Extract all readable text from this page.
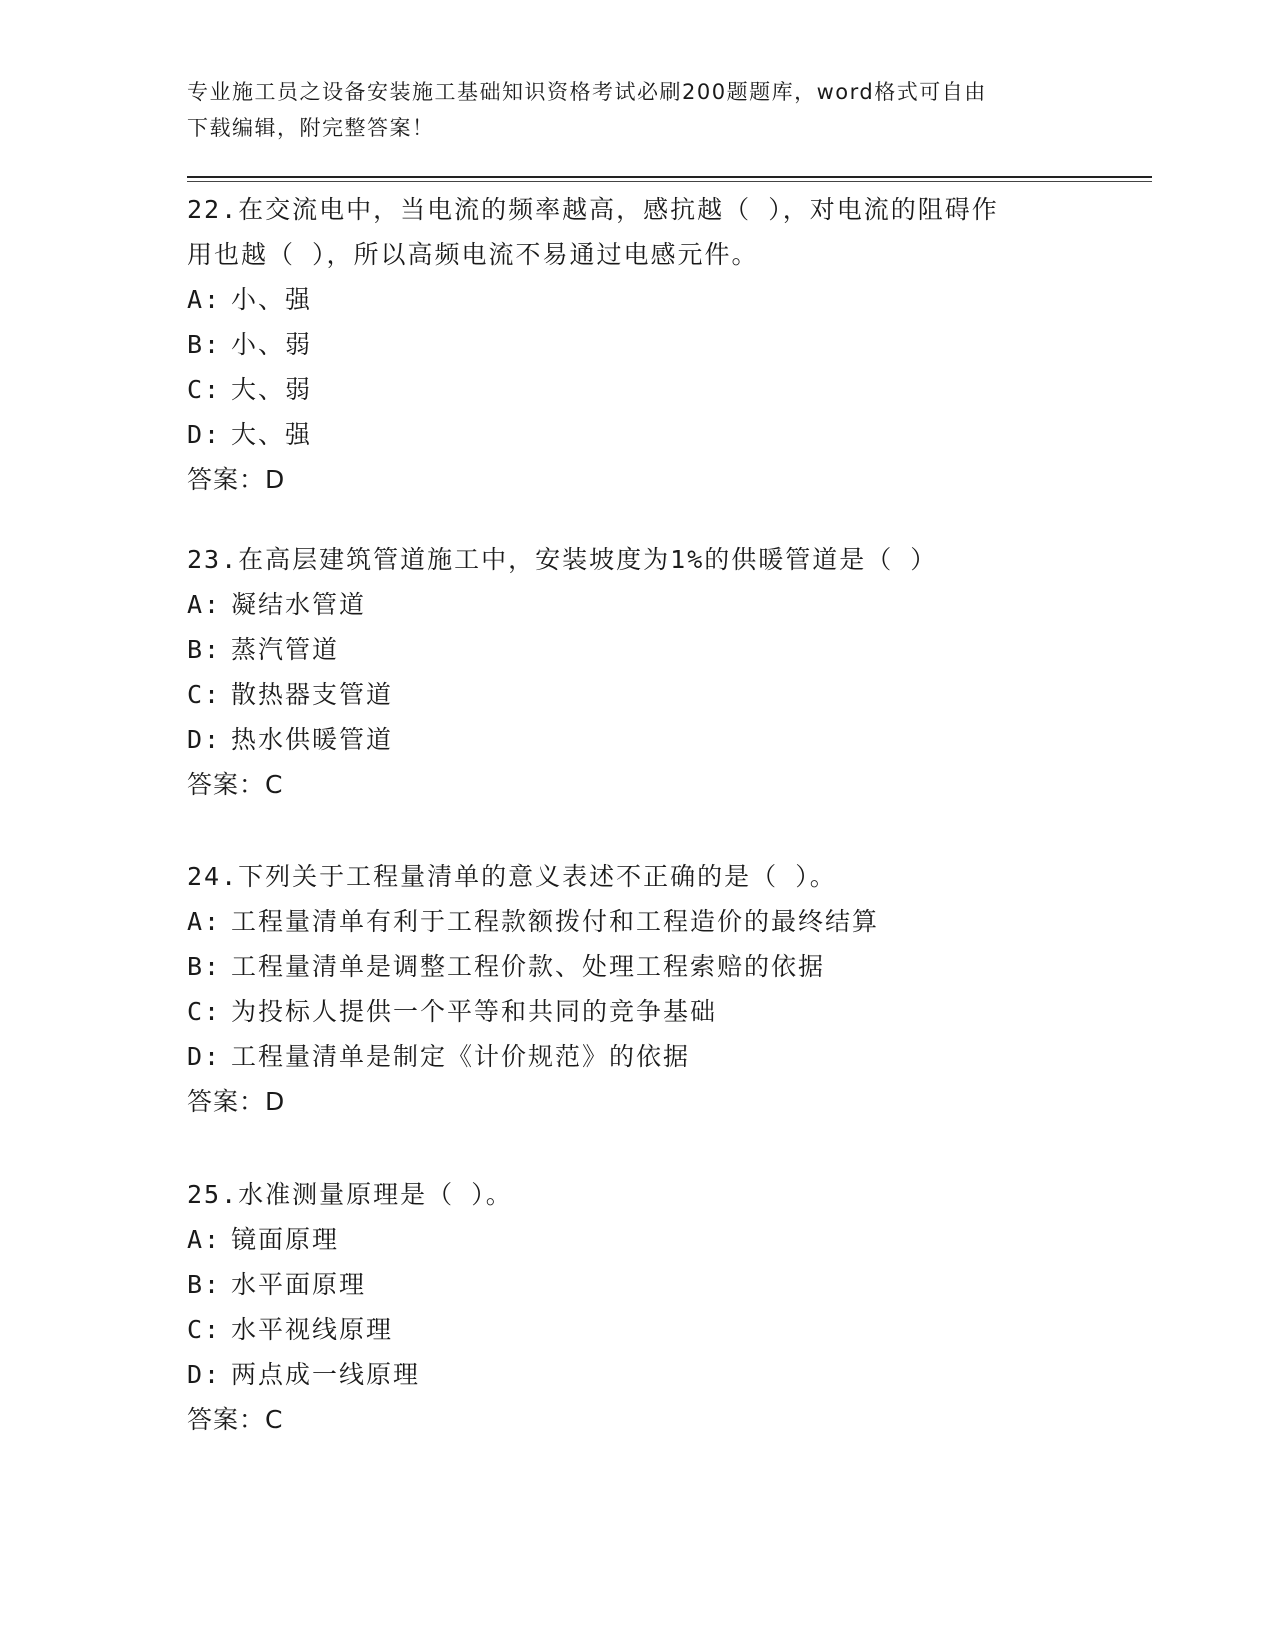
专业施工员之设备安装施工基础知识资格考试必刷200题题库，word格式可自由
下载编辑，附完整答案！

22.在交流电中，当电流的频率越高，感抗越（ ），对电流的阻碍作

用也越（ ），所以高频电流不易通过电感元件。

A: 小、强

B: 小、弱

C: 大、弱

D: 大、强

答案：D

23.在高层建筑管道施工中，安装坡度为1%的供暖管道是（ ）

A: 凝结水管道

B: 蒸汽管道

C: 散热器支管道

D: 热水供暖管道

答案：C

24.下列关于工程量清单的意义表述不正确的是（ ）。

A: 工程量清单有利于工程款额拨付和工程造价的最终结算

B: 工程量清单是调整工程价款、处理工程索赔的依据

C: 为投标人提供一个平等和共同的竞争基础

D: 工程量清单是制定《计价规范》的依据

答案：D

25.水准测量原理是（ ）。

A: 镜面原理

B: 水平面原理

C: 水平视线原理

D: 两点成一线原理

答案：C
